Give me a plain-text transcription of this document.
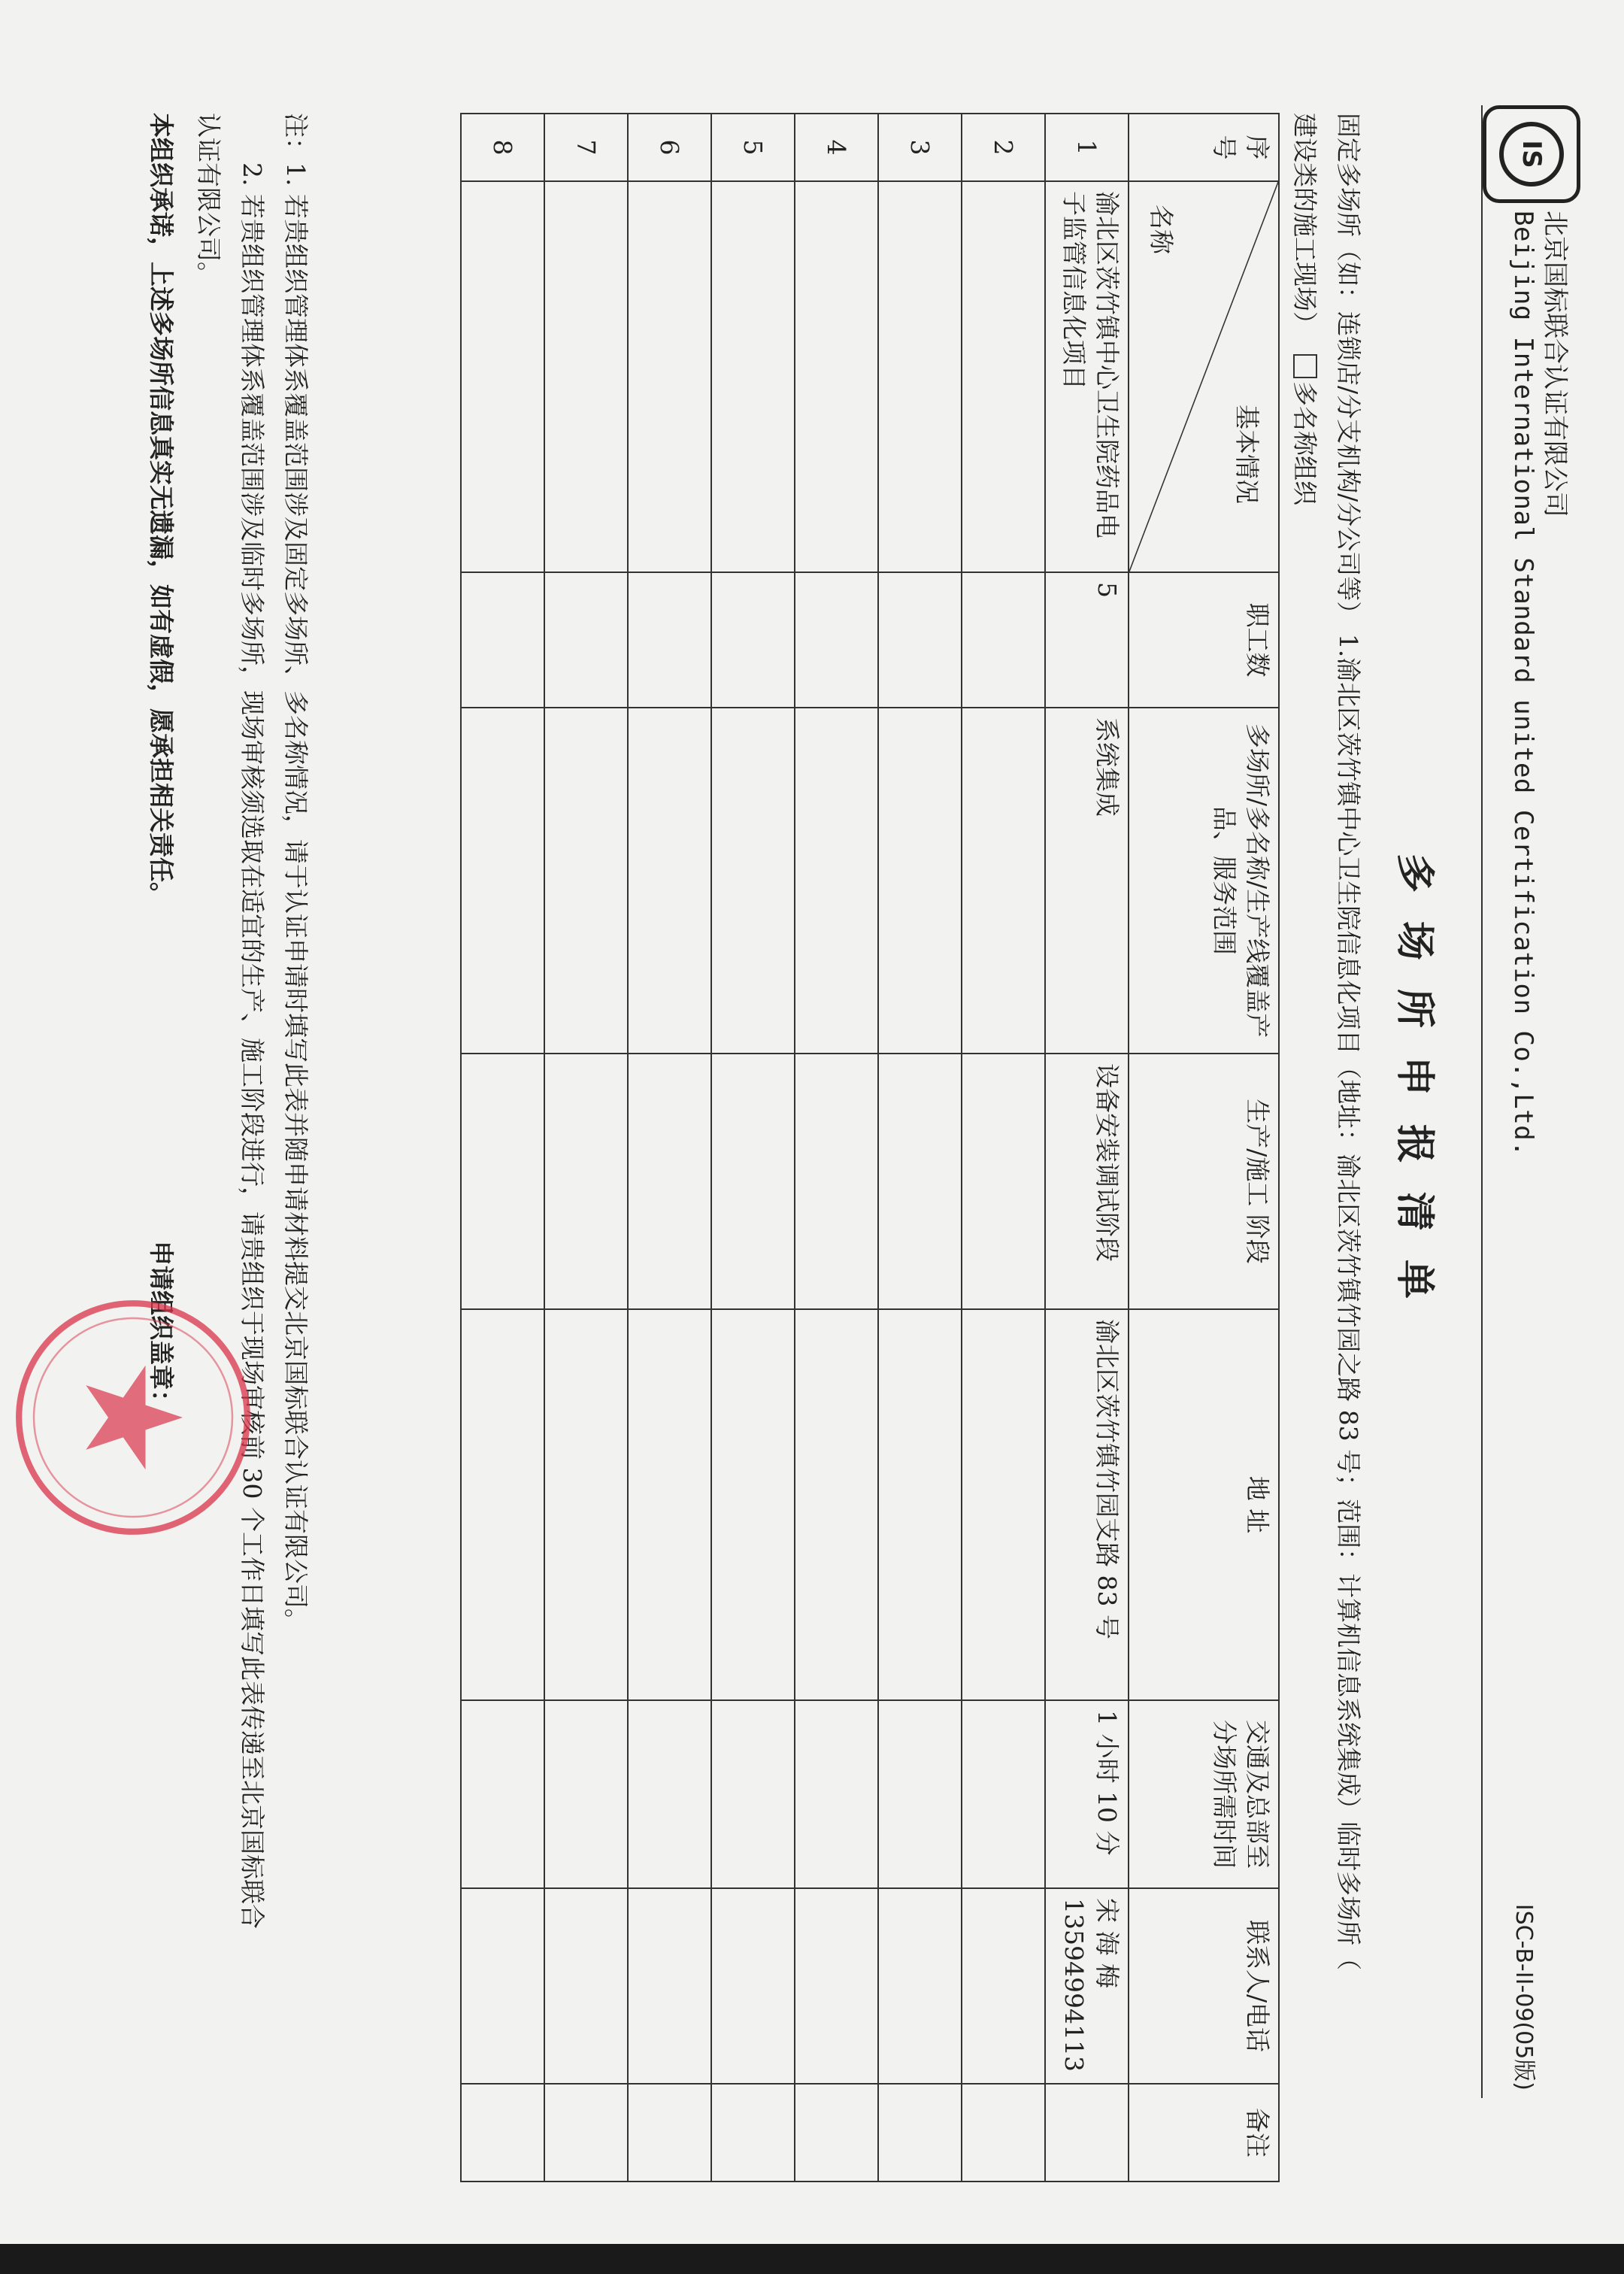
IS
北京国标联合认证有限公司
Beijing International Standard united Certification Co.,Ltd.
ISC-B-II-09(05版)
多场所申报清单
固定多场所（如：连锁店/分支机构/分公司等） 1.渝北区茨竹镇中心卫生院信息化项目（地址：渝北区茨竹镇竹园之路 83 号；范围：计算机信息系统集成）临时多场所（
建设类的施工现场）多名称组织
序号	基本情况
名称	职工数	多场所/多名称/生产线覆盖产品、服务范围	生产/施工 阶段	地 址	交通及总部至分场所需时间	联系人/电话	备注
1	渝北区茨竹镇中心卫生院药品电子监管信息化项目	5	系统集成	设备安装调试阶段	渝北区茨竹镇竹园支路 83 号	1 小时 10 分	宋 海 梅 13594994113	
2								
3								
4								
5								
6								
7								
8								

注：1. 若贵组织管理体系覆盖范围涉及固定多场所、多名称情况，请于认证申请时填写此表并随申请材料提交北京国标联合认证有限公司。

2. 若贵组织管理体系覆盖范围涉及临时多场所，现场审核须选取在适宜的生产、施工阶段进行，请贵组织于现场审核前 30 个工作日填写此表传递至北京国标联合

认证有限公司。

本组织承诺，上述多场所信息真实无遗漏，如有虚假，愿承担相关责任。
申请组织盖章：
